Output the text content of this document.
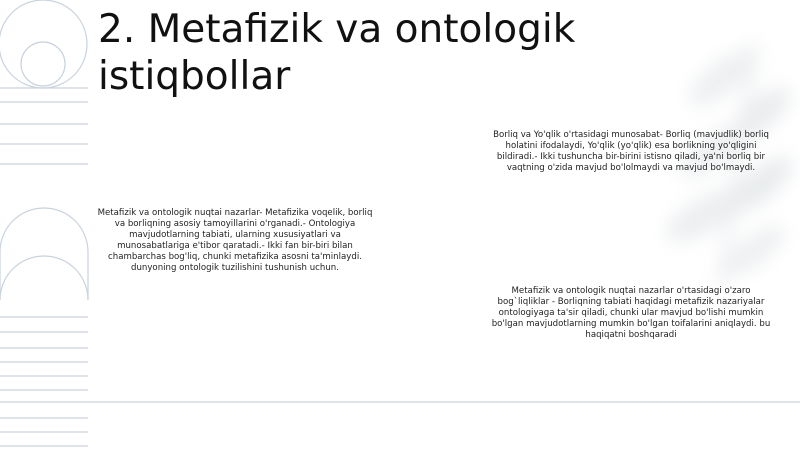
2. Metafizik va ontologik istiqbollar

Borliq va Yo'qlik o'rtasidagi munosabat- Borliq (mavjudlik) borliq holatini ifodalaydi, Yo'qlik (yo'qlik) esa borlikning yo'qligini bildiradi.- Ikki tushuncha bir-birini istisno qiladi, ya'ni borliq bir vaqtning o'zida mavjud bo'lolmaydi va mavjud bo'lmaydi.

Metafizik va ontologik nuqtai nazarlar- Metafizika voqelik, borliq va borliqning asosiy tamoyillarini o'rganadi.- Ontologiya mavjudotlarning tabiati, ularning xususiyatlari va munosabatlariga e'tibor qaratadi.- Ikki fan bir-biri bilan chambarchas bog'liq, chunki metafizika asosni ta'minlaydi. dunyoning ontologik tuzilishini tushunish uchun.

Metafizik va ontologik nuqtai nazarlar o'rtasidagi o'zaro bog`liqliklar - Borliqning tabiati haqidagi metafizik nazariyalar ontologiyaga ta'sir qiladi, chunki ular mavjud bo'lishi mumkin bo'lgan mavjudotlarning mumkin bo'lgan toifalarini aniqlaydi. bu haqiqatni boshqaradi
